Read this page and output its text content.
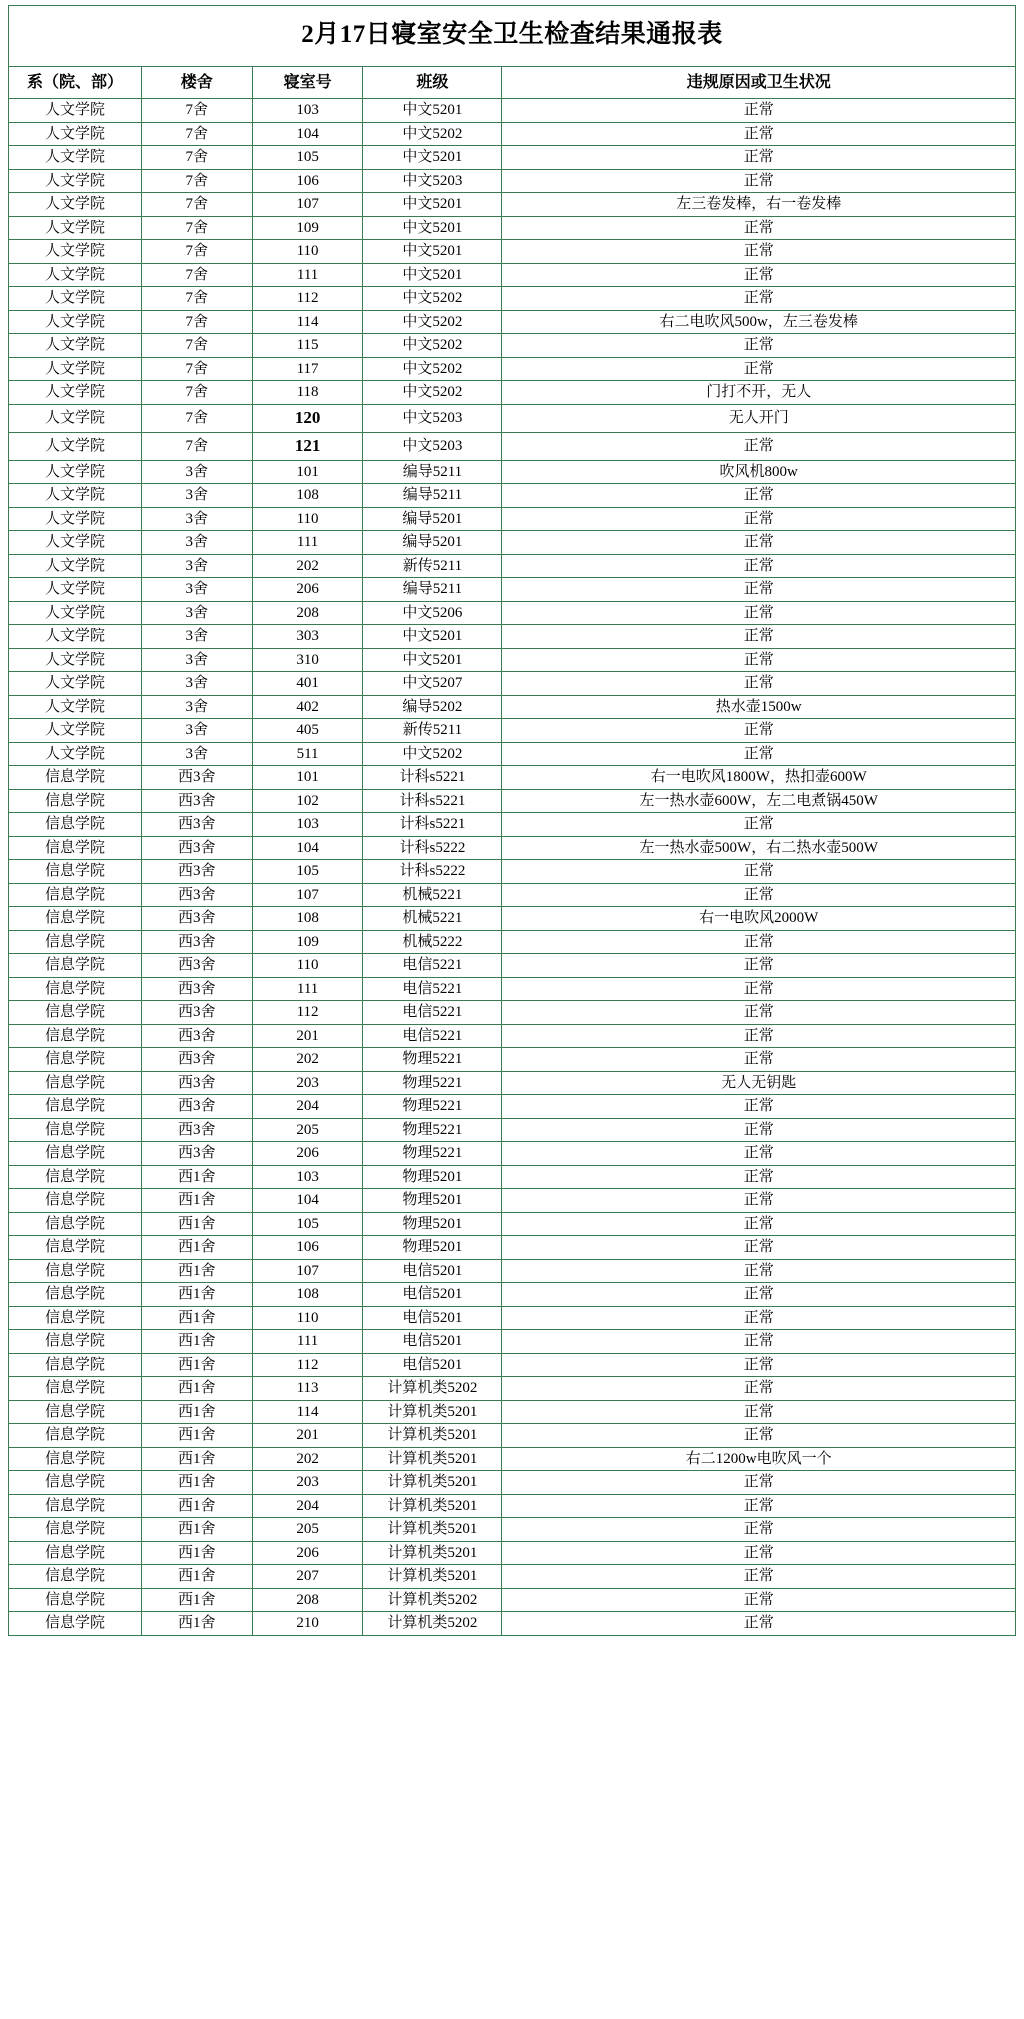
2月17日寝室安全卫生检查结果通报表
系（院、部）	楼舍	寝室号	班级	违规原因或卫生状况
人文学院	7舍	103	中文5201	正常
人文学院	7舍	104	中文5202	正常
人文学院	7舍	105	中文5201	正常
人文学院	7舍	106	中文5203	正常
人文学院	7舍	107	中文5201	左三卷发棒，右一卷发棒
人文学院	7舍	109	中文5201	正常
人文学院	7舍	110	中文5201	正常
人文学院	7舍	111	中文5201	正常
人文学院	7舍	112	中文5202	正常
人文学院	7舍	114	中文5202	右二电吹风500w，左三卷发棒
人文学院	7舍	115	中文5202	正常
人文学院	7舍	117	中文5202	正常
人文学院	7舍	118	中文5202	门打不开，无人
人文学院	7舍	120	中文5203	无人开门
人文学院	7舍	121	中文5203	正常
人文学院	3舍	101	编导5211	吹风机800w
人文学院	3舍	108	编导5211	正常
人文学院	3舍	110	编导5201	正常
人文学院	3舍	111	编导5201	正常
人文学院	3舍	202	新传5211	正常
人文学院	3舍	206	编导5211	正常
人文学院	3舍	208	中文5206	正常
人文学院	3舍	303	中文5201	正常
人文学院	3舍	310	中文5201	正常
人文学院	3舍	401	中文5207	正常
人文学院	3舍	402	编导5202	热水壶1500w
人文学院	3舍	405	新传5211	正常
人文学院	3舍	511	中文5202	正常
信息学院	西3舍	101	计科s5221	右一电吹风1800W，热扣壶600W
信息学院	西3舍	102	计科s5221	左一热水壶600W，左二电煮锅450W
信息学院	西3舍	103	计科s5221	正常
信息学院	西3舍	104	计科s5222	左一热水壶500W，右二热水壶500W
信息学院	西3舍	105	计科s5222	正常
信息学院	西3舍	107	机械5221	正常
信息学院	西3舍	108	机械5221	右一电吹风2000W
信息学院	西3舍	109	机械5222	正常
信息学院	西3舍	110	电信5221	正常
信息学院	西3舍	111	电信5221	正常
信息学院	西3舍	112	电信5221	正常
信息学院	西3舍	201	电信5221	正常
信息学院	西3舍	202	物理5221	正常
信息学院	西3舍	203	物理5221	无人无钥匙
信息学院	西3舍	204	物理5221	正常
信息学院	西3舍	205	物理5221	正常
信息学院	西3舍	206	物理5221	正常
信息学院	西1舍	103	物理5201	正常
信息学院	西1舍	104	物理5201	正常
信息学院	西1舍	105	物理5201	正常
信息学院	西1舍	106	物理5201	正常
信息学院	西1舍	107	电信5201	正常
信息学院	西1舍	108	电信5201	正常
信息学院	西1舍	110	电信5201	正常
信息学院	西1舍	111	电信5201	正常
信息学院	西1舍	112	电信5201	正常
信息学院	西1舍	113	计算机类5202	正常
信息学院	西1舍	114	计算机类5201	正常
信息学院	西1舍	201	计算机类5201	正常
信息学院	西1舍	202	计算机类5201	右二1200w电吹风一个
信息学院	西1舍	203	计算机类5201	正常
信息学院	西1舍	204	计算机类5201	正常
信息学院	西1舍	205	计算机类5201	正常
信息学院	西1舍	206	计算机类5201	正常
信息学院	西1舍	207	计算机类5201	正常
信息学院	西1舍	208	计算机类5202	正常
信息学院	西1舍	210	计算机类5202	正常
